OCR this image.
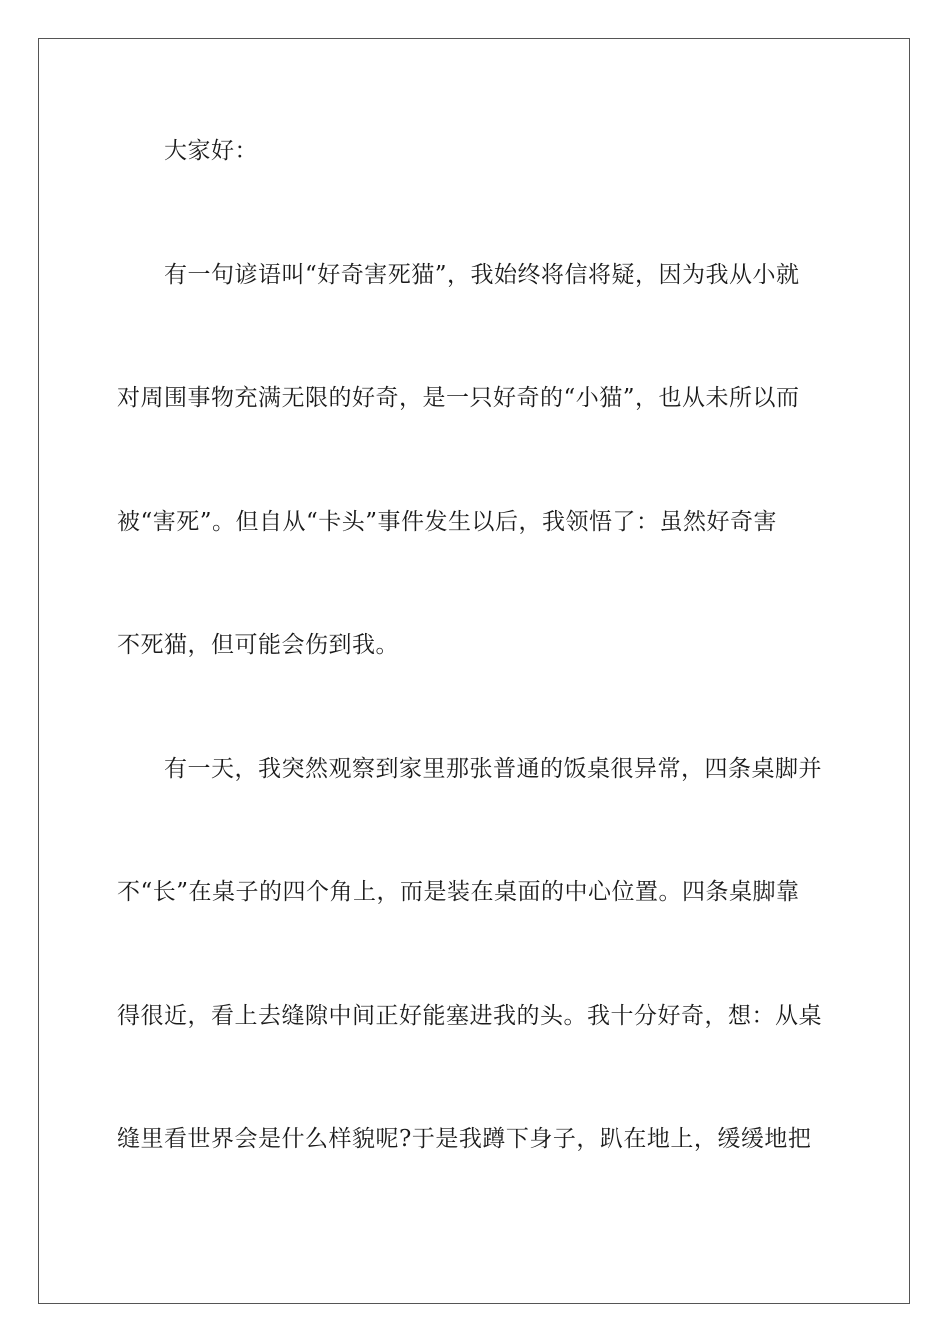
大家好：
有一句谚语叫“好奇害死猫”，我始终将信将疑，因为我从小就
对周围事物充满无限的好奇，是一只好奇的“小猫”，也从未所以而
被“害死”。但自从“卡头”事件发生以后，我领悟了：虽然好奇害
不死猫，但可能会伤到我。
有一天，我突然观察到家里那张普通的饭桌很异常，四条桌脚并
不“长”在桌子的四个角上，而是装在桌面的中心位置。四条桌脚靠
得很近，看上去缝隙中间正好能塞进我的头。我十分好奇，想：从桌
缝里看世界会是什么样貌呢?于是我蹲下身子，趴在地上，缓缓地把
